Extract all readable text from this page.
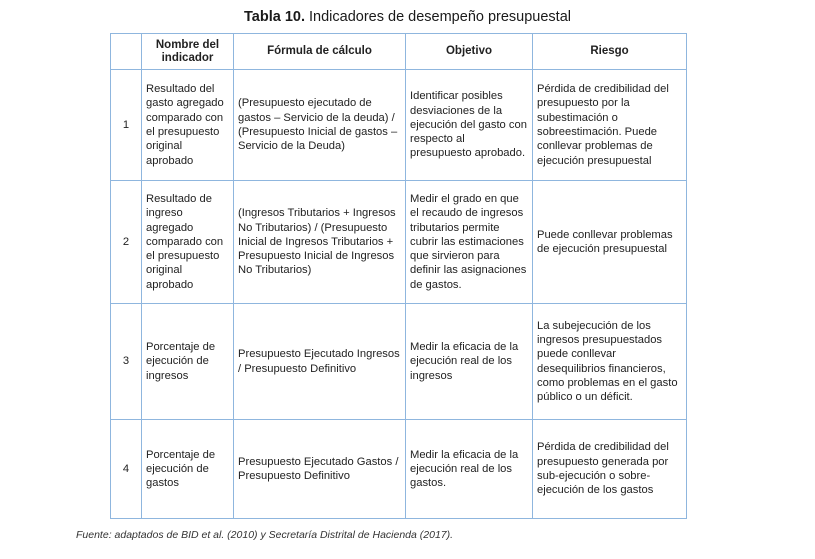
Tabla 10. Indicadores de desempeño presupuestal
	Nombre del indicador	Fórmula de cálculo	Objetivo	Riesgo
1	Resultado del gasto agregado comparado con el presupuesto original aprobado	(Presupuesto ejecutado de gastos – Servicio de la deuda) / (Presupuesto Inicial de gastos – Servicio de la Deuda)	Identificar posibles desviaciones de la ejecución del gasto con respecto al presupuesto aprobado.	Pérdida de credibilidad del presupuesto por la subestimación o sobreestimación. Puede conllevar problemas de ejecución presupuestal
2	Resultado de ingreso agregado comparado con el presupuesto original aprobado	(Ingresos Tributarios + Ingresos No Tributarios) / (Presupuesto Inicial de Ingresos Tributarios + Presupuesto Inicial de Ingresos No Tributarios)	Medir el grado en que el recaudo de ingresos tributarios permite cubrir las estimaciones que sirvieron para definir las asignaciones de gastos.	Puede conllevar problemas de ejecución presupuestal
3	Porcentaje de ejecución de ingresos	Presupuesto Ejecutado Ingresos / Presupuesto Definitivo	Medir la eficacia de la ejecución real de los ingresos	La subejecución de los ingresos presupuestados puede conllevar desequilibrios financieros, como problemas en el gasto público o un déficit.
4	Porcentaje de ejecución de gastos	Presupuesto Ejecutado Gastos / Presupuesto Definitivo	Medir la eficacia de la ejecución real de los gastos.	Pérdida de credibilidad del presupuesto generada por sub-ejecución o sobre-ejecución de los gastos
Fuente: adaptados de BID et al. (2010) y Secretaría Distrital de Hacienda (2017).
